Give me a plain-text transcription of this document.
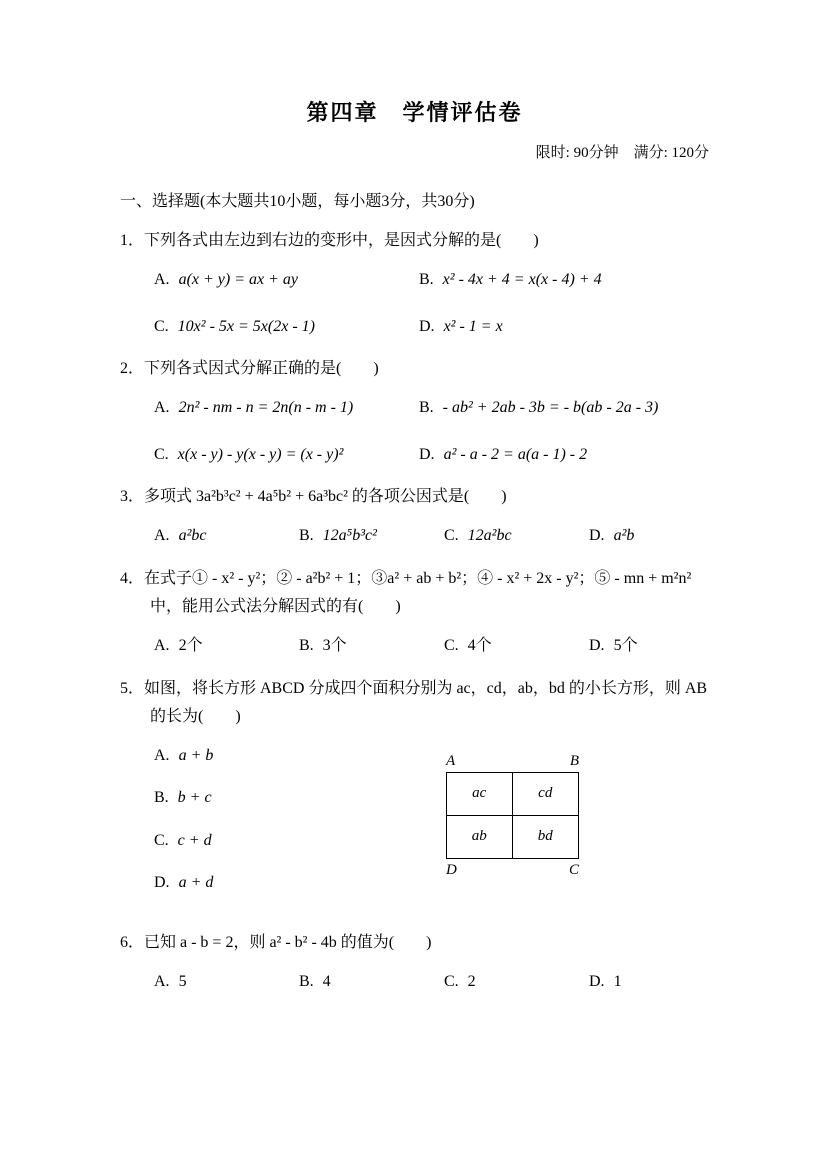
第四章　学情评估卷
限时: 90分钟　满分: 120分
一、选择题(本大题共10小题，每小题3分，共30分)
1．下列各式由左边到右边的变形中，是因式分解的是(　　)
A. a(x + y) = ax + ay	B. x² - 4x + 4 = x(x - 4) + 4
C. 10x² - 5x = 5x(2x - 1)	D. x² - 1 = x
2．下列各式因式分解正确的是(　　)
A. 2n² - nm - n = 2n(n - m - 1)	B. - ab² + 2ab - 3b = - b(ab - 2a - 3)
C. x(x - y) - y(x - y) = (x - y)²	D. a² - a - 2 = a(a - 1) - 2
3．多项式 3a²b³c² + 4a⁵b² + 6a³bc² 的各项公因式是(　　)
A. a²bc	B. 12a⁵b³c²	C. 12a²bc	D. a²b
4．在式子① - x² - y²；② - a²b² + 1；③a² + ab + b²；④ - x² + 2x - y²；⑤ - mn + m²n² 中，能用公式法分解因式的有(　　)
A. 2个	B. 3个	C. 4个	D. 5个
5．如图，将长方形 ABCD 分成四个面积分别为 ac，cd，ab，bd 的小长方形，则 AB 的长为(　　)
A. a + b
B. b + c
C. c + d
D. a + d
A	B
ac	cd
ab	bd
D	C
6．已知 a - b = 2，则 a² - b² - 4b 的值为(　　)
A. 5	B. 4	C. 2	D. 1
